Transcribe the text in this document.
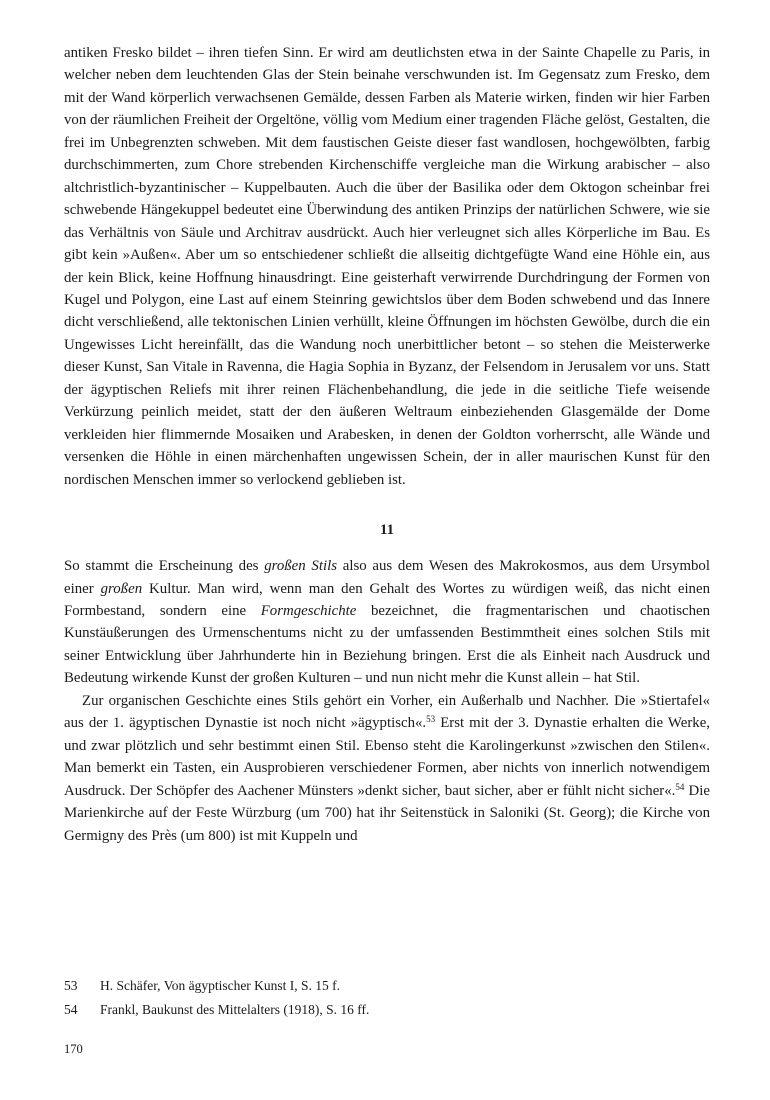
antiken Fresko bildet – ihren tiefen Sinn. Er wird am deutlichsten etwa in der Sainte Chapelle zu Paris, in welcher neben dem leuchtenden Glas der Stein beinahe verschwunden ist. Im Gegensatz zum Fresko, dem mit der Wand körperlich verwachsenen Gemälde, dessen Farben als Materie wirken, finden wir hier Farben von der räumlichen Freiheit der Orgeltöne, völlig vom Medium einer tragenden Fläche gelöst, Gestalten, die frei im Unbegrenzten schweben. Mit dem faustischen Geiste dieser fast wandlosen, hochgewölbten, farbig durchschimmerten, zum Chore strebenden Kirchenschiffe vergleiche man die Wirkung arabischer – also altchristlich-byzantinischer – Kuppelbauten. Auch die über der Basilika oder dem Oktogon scheinbar frei schwebende Hängekuppel bedeutet eine Überwindung des antiken Prinzips der natürlichen Schwere, wie sie das Verhältnis von Säule und Architrav ausdrückt. Auch hier verleugnet sich alles Körperliche im Bau. Es gibt kein »Außen«. Aber um so entschiedener schließt die allseitig dichtgefügte Wand eine Höhle ein, aus der kein Blick, keine Hoffnung hinausdringt. Eine geisterhaft verwirrende Durchdringung der Formen von Kugel und Polygon, eine Last auf einem Steinring gewichtslos über dem Boden schwebend und das Innere dicht verschließend, alle tektonischen Linien verhüllt, kleine Öffnungen im höchsten Gewölbe, durch die ein Ungewisses Licht hereinfällt, das die Wandung noch unerbittlicher betont – so stehen die Meisterwerke dieser Kunst, San Vitale in Ravenna, die Hagia Sophia in Byzanz, der Felsendom in Jerusalem vor uns. Statt der ägyptischen Reliefs mit ihrer reinen Flächenbehandlung, die jede in die seitliche Tiefe weisende Verkürzung peinlich meidet, statt der den äußeren Weltraum einbeziehenden Glasgemälde der Dome verkleiden hier flimmernde Mosaiken und Arabesken, in denen der Goldton vorherrscht, alle Wände und versenken die Höhle in einen märchenhaften ungewissen Schein, der in aller maurischen Kunst für den nordischen Menschen immer so verlockend geblieben ist.

11

So stammt die Erscheinung des großen Stils also aus dem Wesen des Makrokosmos, aus dem Ursymbol einer großen Kultur. Man wird, wenn man den Gehalt des Wortes zu würdigen weiß, das nicht einen Formbestand, sondern eine Formgeschichte bezeichnet, die fragmentarischen und chaotischen Kunstäußerungen des Urmenschentums nicht zu der umfassenden Bestimmtheit eines solchen Stils mit seiner Entwicklung über Jahrhunderte hin in Beziehung bringen. Erst die als Einheit nach Ausdruck und Bedeutung wirkende Kunst der großen Kulturen – und nun nicht mehr die Kunst allein – hat Stil.

Zur organischen Geschichte eines Stils gehört ein Vorher, ein Außerhalb und Nachher. Die »Stiertafel« aus der 1. ägyptischen Dynastie ist noch nicht »ägyptisch«.$^{53}$ Erst mit der 3. Dynastie erhalten die Werke, und zwar plötzlich und sehr bestimmt einen Stil. Ebenso steht die Karolingerkunst »zwischen den Stilen«. Man bemerkt ein Tasten, ein Ausprobieren verschiedener Formen, aber nichts von innerlich notwendigem Ausdruck. Der Schöpfer des Aachener Münsters »denkt sicher, baut sicher, aber er fühlt nicht sicher«.$^{54}$ Die Marienkirche auf der Feste Würzburg (um 700) hat ihr Seitenstück in Saloniki (St. Georg); die Kirche von Germigny des Près (um 800) ist mit Kuppeln und

53	H. Schäfer, Von ägyptischer Kunst I, S. 15 f.
54	Frankl, Baukunst des Mittelalters (1918), S. 16 ff.
170
